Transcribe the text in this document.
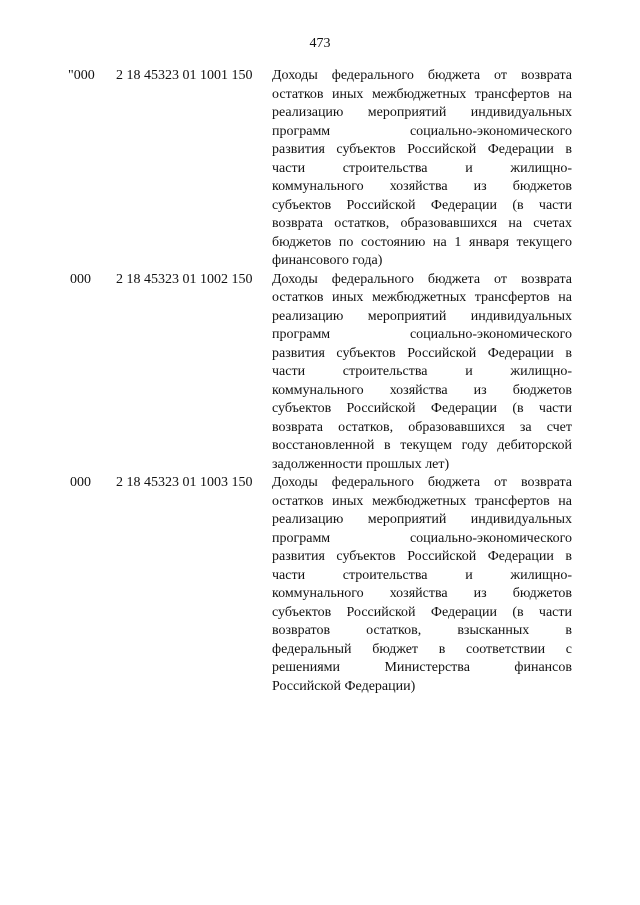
473
"000 2 18 45323 01 1001 150 Доходы федерального бюджета от возврата
остатков иных межбюджетных трансфертов на
реализацию мероприятий индивидуальных
программ социально-экономического
развития субъектов Российской Федерации в
части строительства и жилищно-
коммунального хозяйства из бюджетов
субъектов Российской Федерации (в части
возврата остатков, образовавшихся на счетах
бюджетов по состоянию на 1 января текущего
финансового года)
000 2 18 45323 01 1002 150 Доходы федерального бюджета от возврата
остатков иных межбюджетных трансфертов на
реализацию мероприятий индивидуальных
программ социально-экономического
развития субъектов Российской Федерации в
части строительства и жилищно-
коммунального хозяйства из бюджетов
субъектов Российской Федерации (в части
возврата остатков, образовавшихся за счет
восстановленной в текущем году дебиторской
задолженности прошлых лет)
000 2 18 45323 01 1003 150 Доходы федерального бюджета от возврата
остатков иных межбюджетных трансфертов на
реализацию мероприятий индивидуальных
программ социально-экономического
развития субъектов Российской Федерации в
части строительства и жилищно-
коммунального хозяйства из бюджетов
субъектов Российской Федерации (в части
возвратов остатков, взысканных в
федеральный бюджет в соответствии с
решениями Министерства финансов
Российской Федерации)
